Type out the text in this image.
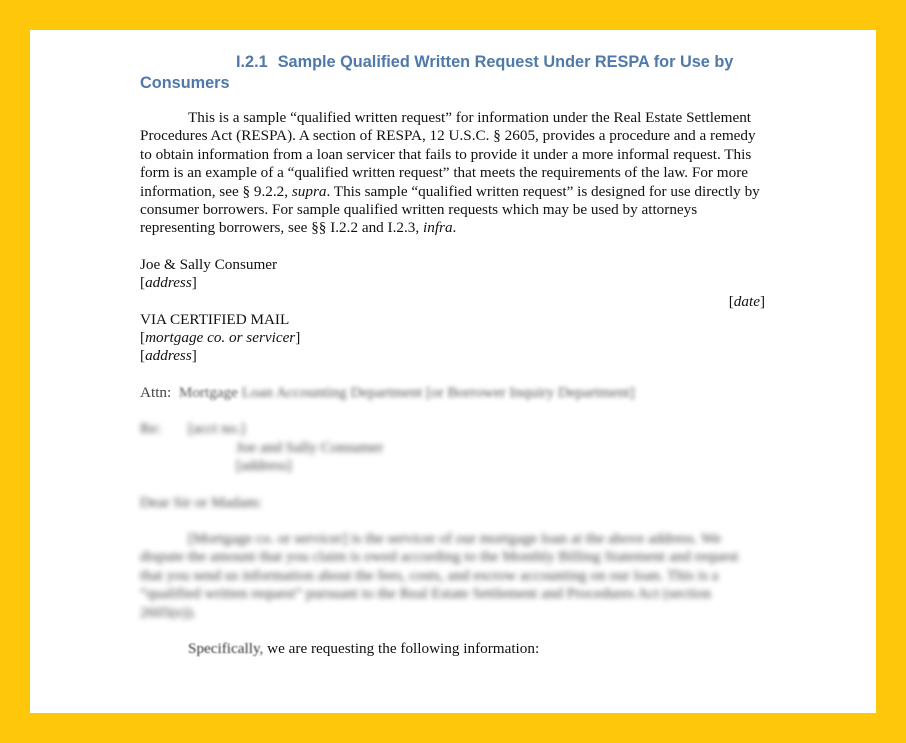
I.2.1 Sample Qualified Written Request Under RESPA for Use by Consumers

This is a sample “qualified written request” for information under the Real Estate Settlement Procedures Act (RESPA). A section of RESPA, 12 U.S.C. § 2605, provides a procedure and a remedy to obtain information from a loan servicer that fails to provide it under a more informal request. This form is an example of a “qualified written request” that meets the requirements of the law. For more information, see § 9.2.2, supra. This sample “qualified written request” is designed for use directly by consumer borrowers. For sample qualified written requests which may be used by attorneys representing borrowers, see §§ I.2.2 and I.2.3, infra.

Joe & Sally Consumer

[address]

[date]

VIA CERTIFIED MAIL

[mortgage co. or servicer]

[address]

Attn: Mortgage Loan Accounting Department [or Borrower Inquiry Department]

Re:	[acct no.]

Joe and Sally Consumer

[address]

Dear Sir or Madam:

[Mortgage co. or servicer] is the servicer of our mortgage loan at the above address. We dispute the amount that you claim is owed according to the Monthly Billing Statement and request that you send us information about the fees, costs, and escrow accounting on our loan. This is a “qualified written request” pursuant to the Real Estate Settlement and Procedures Act (section 2605(e)).

Specifically, we are requesting the following information:
